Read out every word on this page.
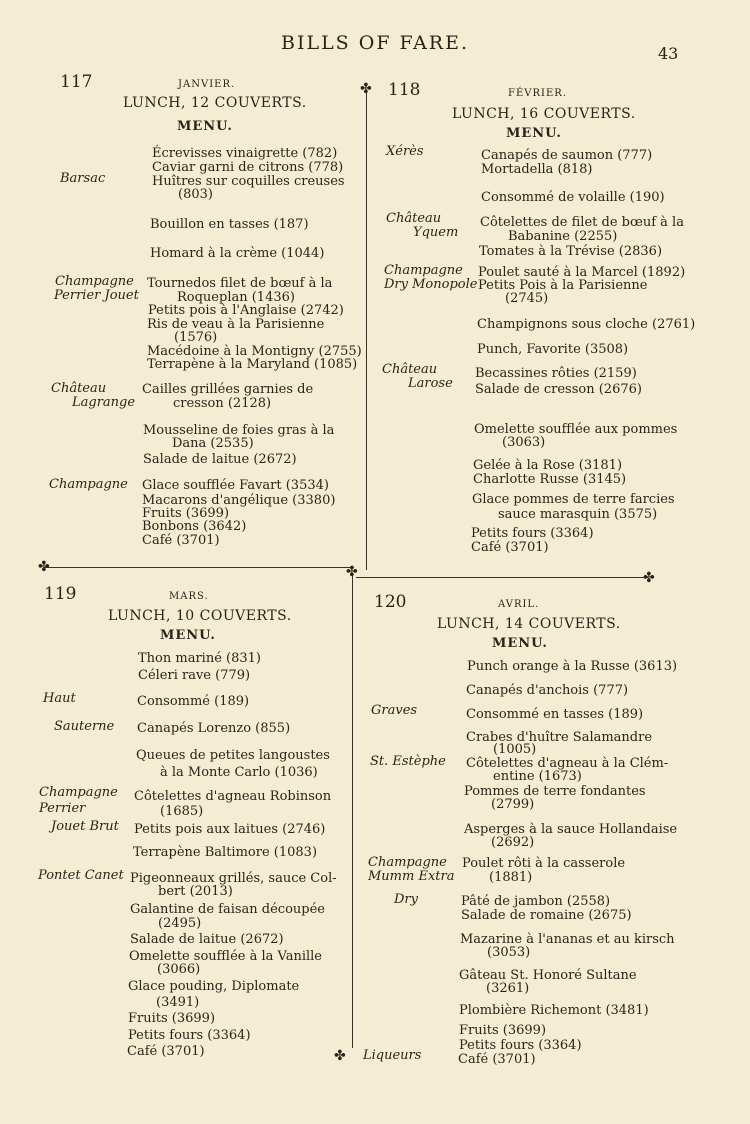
BILLS OF FARE.	43
✤
✤	✤	✤
✤
117	JANVIER.
LUNCH, 12 COUVERTS.
MENU.
Barsac
Champagne
Perrier Jouet
Château
Lagrange
Champagne
Écrevisses vinaigrette (782)
Caviar garni de citrons (778)
Huîtres sur coquilles creuses
(803)
Bouillon en tasses (187)
Homard à la crème (1044)
Tournedos filet de bœuf à la
Roqueplan (1436)
Petits pois à l'Anglaise (2742)
Ris de veau à la Parisienne
(1576)
Macédoine à la Montigny (2755)
Terrapène à la Maryland (1085)
Cailles grillées garnies de
cresson (2128)
Mousseline de foies gras à la
Dana (2535)
Salade de laitue (2672)
Glace soufflée Favart (3534)
Macarons d'angélique (3380)
Fruits (3699)
Bonbons (3642)
Café (3701)
118	FÉVRIER.
LUNCH, 16 COUVERTS.
MENU.
Xérès
Château
Yquem
Champagne
Dry Monopole
Château
Larose
Canapés de saumon (777)
Mortadella (818)
Consommé de volaille (190)
Côtelettes de filet de bœuf à la
Babanine (2255)
Tomates à la Trévise (2836)
Poulet sauté à la Marcel (1892)
Petits Pois à la Parisienne
(2745)
Champignons sous cloche (2761)
Punch, Favorite (3508)
Becassines rôties (2159)
Salade de cresson (2676)
Omelette soufflée aux pommes
(3063)
Gelée à la Rose (3181)
Charlotte Russe (3145)
Glace pommes de terre farcies
sauce marasquin (3575)
Petits fours (3364)
Café (3701)
119	MARS.
LUNCH, 10 COUVERTS.
MENU.
Haut
Sauterne
Champagne
Perrier
Jouet Brut
Pontet Canet
Thon mariné (831)
Céleri rave (779)
Consommé (189)
Canapés Lorenzo (855)
Queues de petites langoustes
à la Monte Carlo (1036)
Côtelettes d'agneau Robinson
(1685)
Petits pois aux laitues (2746)
Terrapène Baltimore (1083)
Pigeonneaux grillés, sauce Col-
bert (2013)
Galantine de faisan découpée
(2495)
Salade de laitue (2672)
Omelette soufflée à la Vanille
(3066)
Glace pouding, Diplomate
(3491)
Fruits (3699)
Petits fours (3364)
Café (3701)
120	AVRIL.
LUNCH, 14 COUVERTS.
MENU.
Graves
St. Estèphe
Champagne
Mumm Extra
Dry
Liqueurs
Punch orange à la Russe (3613)
Canapés d'anchois (777)
Consommé en tasses (189)
Crabes d'huître Salamandre
(1005)
Côtelettes d'agneau à la Clém-
entine (1673)
Pommes de terre fondantes
(2799)
Asperges à la sauce Hollandaise
(2692)
Poulet rôti à la casserole
(1881)
Pâté de jambon (2558)
Salade de romaine (2675)
Mazarine à l'ananas et au kirsch
(3053)
Gâteau St. Honoré Sultane
(3261)
Plombière Richemont (3481)
Fruits (3699)
Petits fours (3364)
Café (3701)
